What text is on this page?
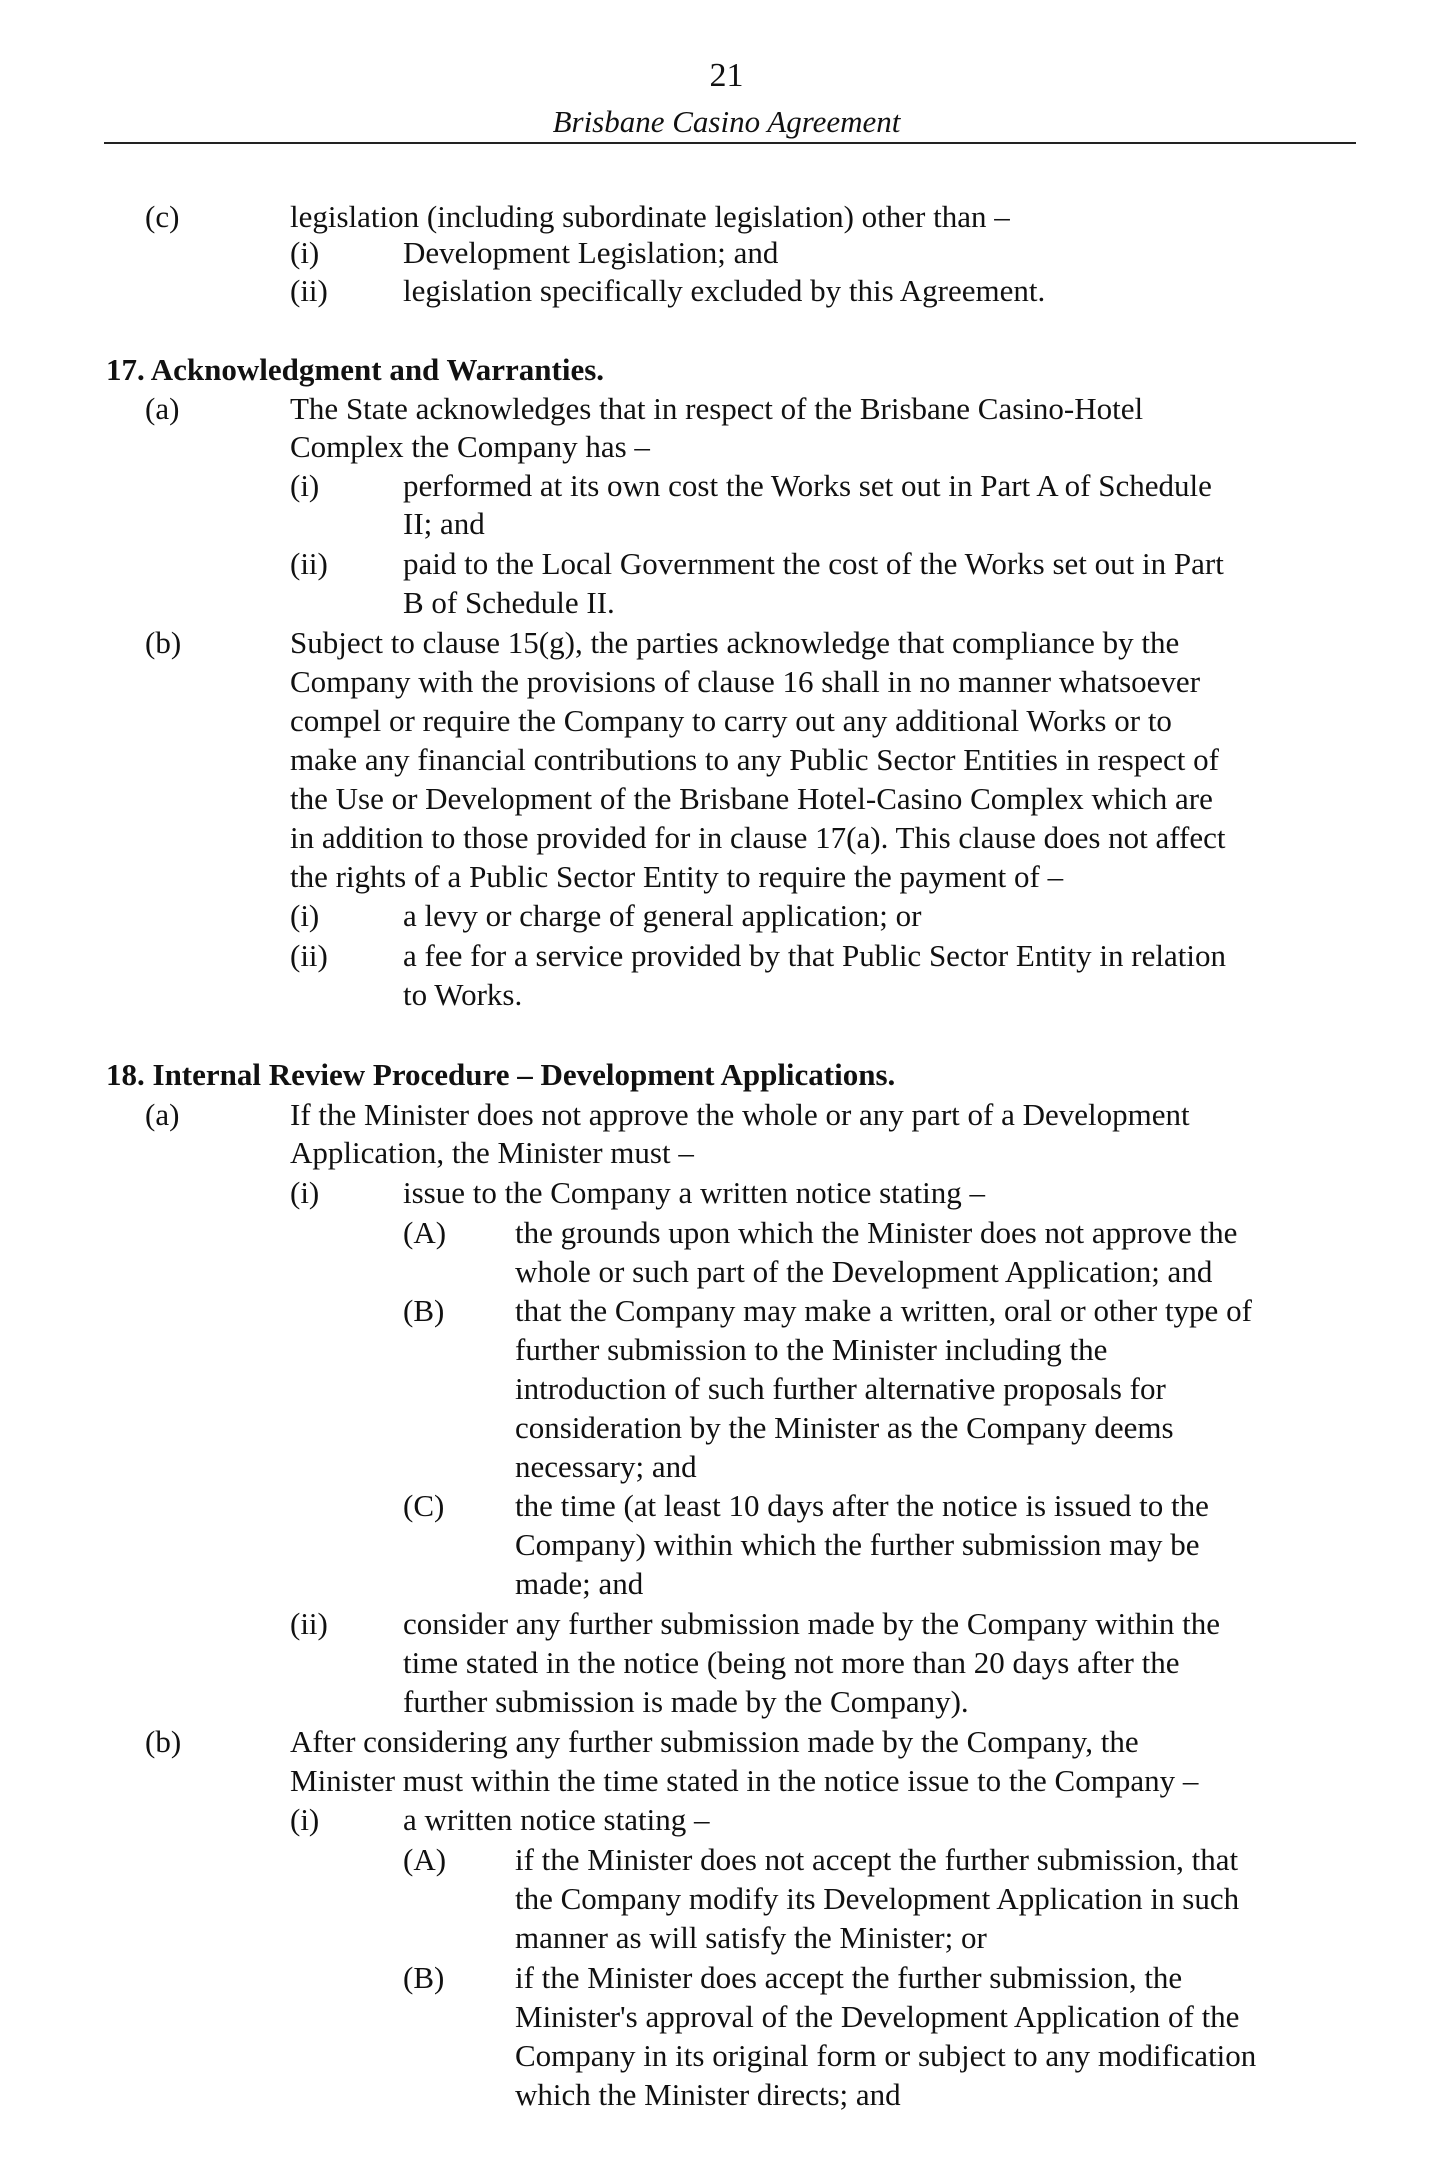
21
Brisbane Casino Agreement
(c)	legislation (including subordinate legislation) other than –
(i)	Development Legislation; and
(ii) legislation specifically excluded by this Agreement.
17. Acknowledgment and Warranties.
(a)	The State acknowledges that in respect of the Brisbane Casino-Hotel
Complex the Company has –
(i)	performed at its own cost the Works set out in Part A of Schedule
II; and
(ii) paid to the Local Government the cost of the Works set out in Part
B of Schedule II.
(b)	Subject to clause 15(g), the parties acknowledge that compliance by the
Company with the provisions of clause 16 shall in no manner whatsoever
compel or require the Company to carry out any additional Works or to
make any financial contributions to any Public Sector Entities in respect of
the Use or Development of the Brisbane Hotel-Casino Complex which are
in addition to those provided for in clause 17(a). This clause does not affect
the rights of a Public Sector Entity to require the payment of –
(i)	a levy or charge of general application; or
(ii) a fee for a service provided by that Public Sector Entity in relation
to Works.
18. Internal Review Procedure – Development Applications.
(a)	If the Minister does not approve the whole or any part of a Development
Application, the Minister must –
(i)	issue to the Company a written notice stating –
(A) the grounds upon which the Minister does not approve the
whole or such part of the Development Application; and
(B) that the Company may make a written, oral or other type of
further submission to the Minister including the
introduction of such further alternative proposals for
consideration by the Minister as the Company deems
necessary; and
(C) the time (at least 10 days after the notice is issued to the
Company) within which the further submission may be
made; and
(ii) consider any further submission made by the Company within the
time stated in the notice (being not more than 20 days after the
further submission is made by the Company).
(b)	After considering any further submission made by the Company, the
Minister must within the time stated in the notice issue to the Company –
(i)	a written notice stating –
(A) if the Minister does not accept the further submission, that
the Company modify its Development Application in such
manner as will satisfy the Minister; or
(B) if the Minister does accept the further submission, the
Minister's approval of the Development Application of the
Company in its original form or subject to any modification
which the Minister directs; and
